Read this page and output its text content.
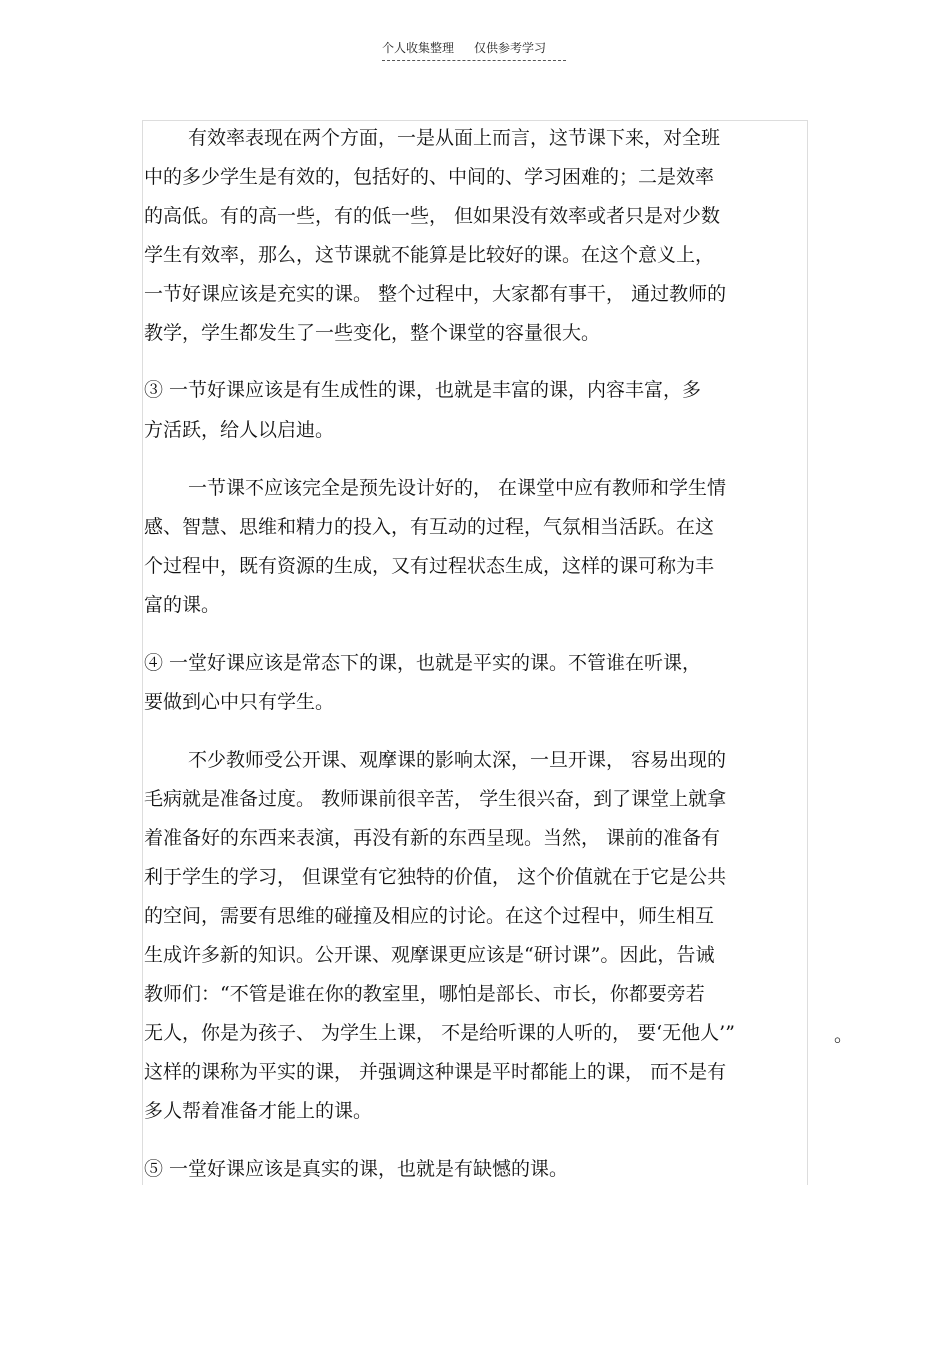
个人收集整理 仅供参考学习
有效率表现在两个方面，一是从面上而言，这节课下来，对全班
中的多少学生是有效的，包括好的、中间的、学习困难的；二是效率
的高低。有的高一些，有的低一些， 但如果没有效率或者只是对少数
学生有效率，那么，这节课就不能算是比较好的课。在这个意义上，
一节好课应该是充实的课。 整个过程中，大家都有事干， 通过教师的
教学，学生都发生了一些变化，整个课堂的容量很大。
③ 一节好课应该是有生成性的课，也就是丰富的课，内容丰富，多
方活跃，给人以启迪。
一节课不应该完全是预先设计好的， 在课堂中应有教师和学生情
感、智慧、思维和精力的投入，有互动的过程，气氛相当活跃。在这
个过程中，既有资源的生成，又有过程状态生成，这样的课可称为丰
富的课。
④ 一堂好课应该是常态下的课，也就是平实的课。不管谁在听课，
要做到心中只有学生。
不少教师受公开课、观摩课的影响太深，一旦开课， 容易出现的
毛病就是准备过度。 教师课前很辛苦， 学生很兴奋，到了课堂上就拿
着准备好的东西来表演，再没有新的东西呈现。当然， 课前的准备有
利于学生的学习， 但课堂有它独特的价值， 这个价值就在于它是公共
的空间，需要有思维的碰撞及相应的讨论。在这个过程中，师生相互
生成许多新的知识。公开课、观摩课更应该是“研讨课”。因此，告诫
教师们：“不管是谁在你的教室里，哪怕是部长、市长，你都要旁若
无人，你是为孩子、 为学生上课， 不是给听课的人听的， 要‘无他人’”	。
这样的课称为平实的课， 并强调这种课是平时都能上的课， 而不是有
多人帮着准备才能上的课。
⑤ 一堂好课应该是真实的课，也就是有缺憾的课。
